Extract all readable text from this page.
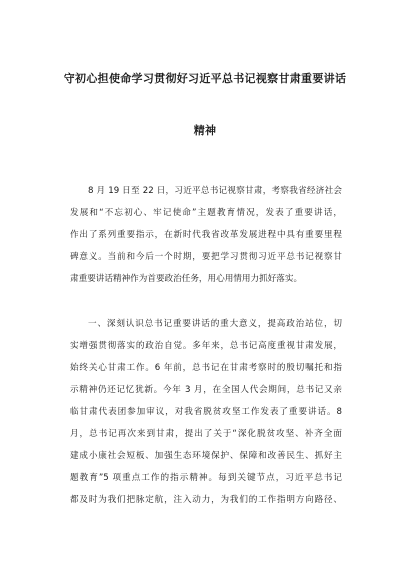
守初心担使命学习贯彻好习近平总书记视察甘肃重要讲话
精神
8 月 19 日至 22 日，习近平总书记视察甘肃，考察我省经济社会
发展和“不忘初心、牢记使命”主题教育情况，发表了重要讲话，
作出了系列重要指示，在新时代我省改革发展进程中具有重要里程
碑意义。当前和今后一个时期，要把学习贯彻习近平总书记视察甘
肃重要讲话精神作为首要政治任务，用心用情用力抓好落实。
一、深刻认识总书记重要讲话的重大意义，提高政治站位，切
实增强贯彻落实的政治自觉。多年来，总书记高度重视甘肃发展，
始终关心甘肃工作。6 年前，总书记在甘肃考察时的殷切嘱托和指
示精神仍还记忆犹新。今年 3 月，在全国人代会期间，总书记又亲
临甘肃代表团参加审议，对我省脱贫攻坚工作发表了重要讲话。8
月，总书记再次来到甘肃，提出了关于“深化脱贫攻坚、补齐全面
建成小康社会短板、加强生态环境保护、保障和改善民生、抓好主
题教育”5 项重点工作的指示精神。每到关键节点，习近平总书记
都及时为我们把脉定航，注入动力，为我们的工作指明方向路径、
